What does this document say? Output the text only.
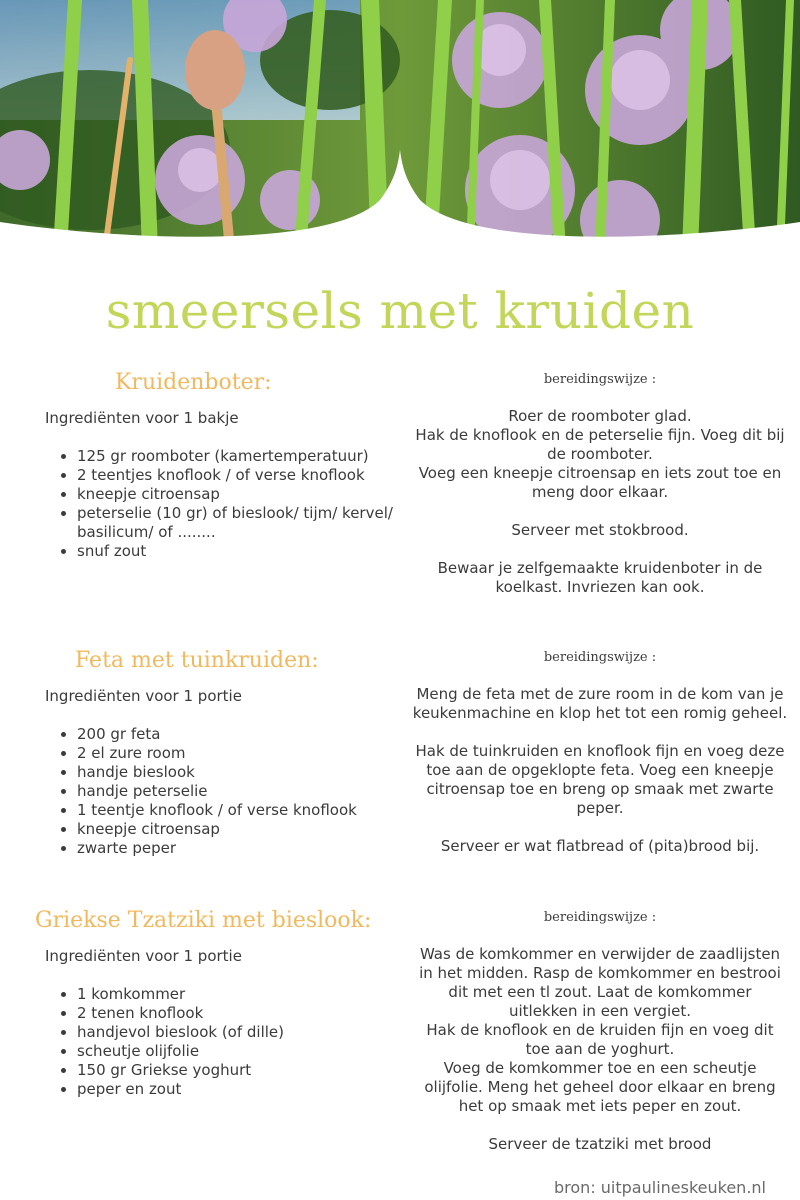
smeersels met kruiden
Kruidenboter:
Ingrediënten voor 1 bakje
• 125 gr roomboter (kamertemperatuur)
• 2 teentjes knoflook / of verse knoflook
• kneepje citroensap
• peterselie (10 gr) of bieslook/ tijm/ kervel/ basilicum/ of ........
• snuf zout
bereidingswijze :

Roer de roomboter glad.

Hak de knoflook en de peterselie fijn. Voeg dit bij de roomboter.

Voeg een kneepje citroensap en iets zout toe en meng door elkaar.

Serveer met stokbrood.

Bewaar je zelfgemaakte kruidenboter in de koelkast. Invriezen kan ook.

Feta met tuinkruiden:
Ingrediënten voor 1 portie
• 200 gr feta
• 2 el zure room
• handje bieslook
• handje peterselie
• 1 teentje knoflook / of verse knoflook
• kneepje citroensap
• zwarte peper
bereidingswijze :

Meng de feta met de zure room in de kom van je keukenmachine en klop het tot een romig geheel.

Hak de tuinkruiden en knoflook fijn en voeg deze toe aan de opgeklopte feta. Voeg een kneepje citroensap toe en breng op smaak met zwarte peper.

Serveer er wat flatbread of (pita)brood bij.

Griekse Tzatziki met bieslook:
Ingrediënten voor 1 portie
• 1 komkommer
• 2 tenen knoflook
• handjevol bieslook (of dille)
• scheutje olijfolie
• 150 gr Griekse yoghurt
• peper en zout
bereidingswijze :

Was de komkommer en verwijder de zaadlijsten in het midden. Rasp de komkommer en bestrooi dit met een tl zout. Laat de komkommer uitlekken in een vergiet.

Hak de knoflook en de kruiden fijn en voeg dit toe aan de yoghurt.

Voeg de komkommer toe en een scheutje olijfolie. Meng het geheel door elkaar en breng het op smaak met iets peper en zout.

Serveer de tzatziki met brood

bron: uitpaulineskeuken.nl
